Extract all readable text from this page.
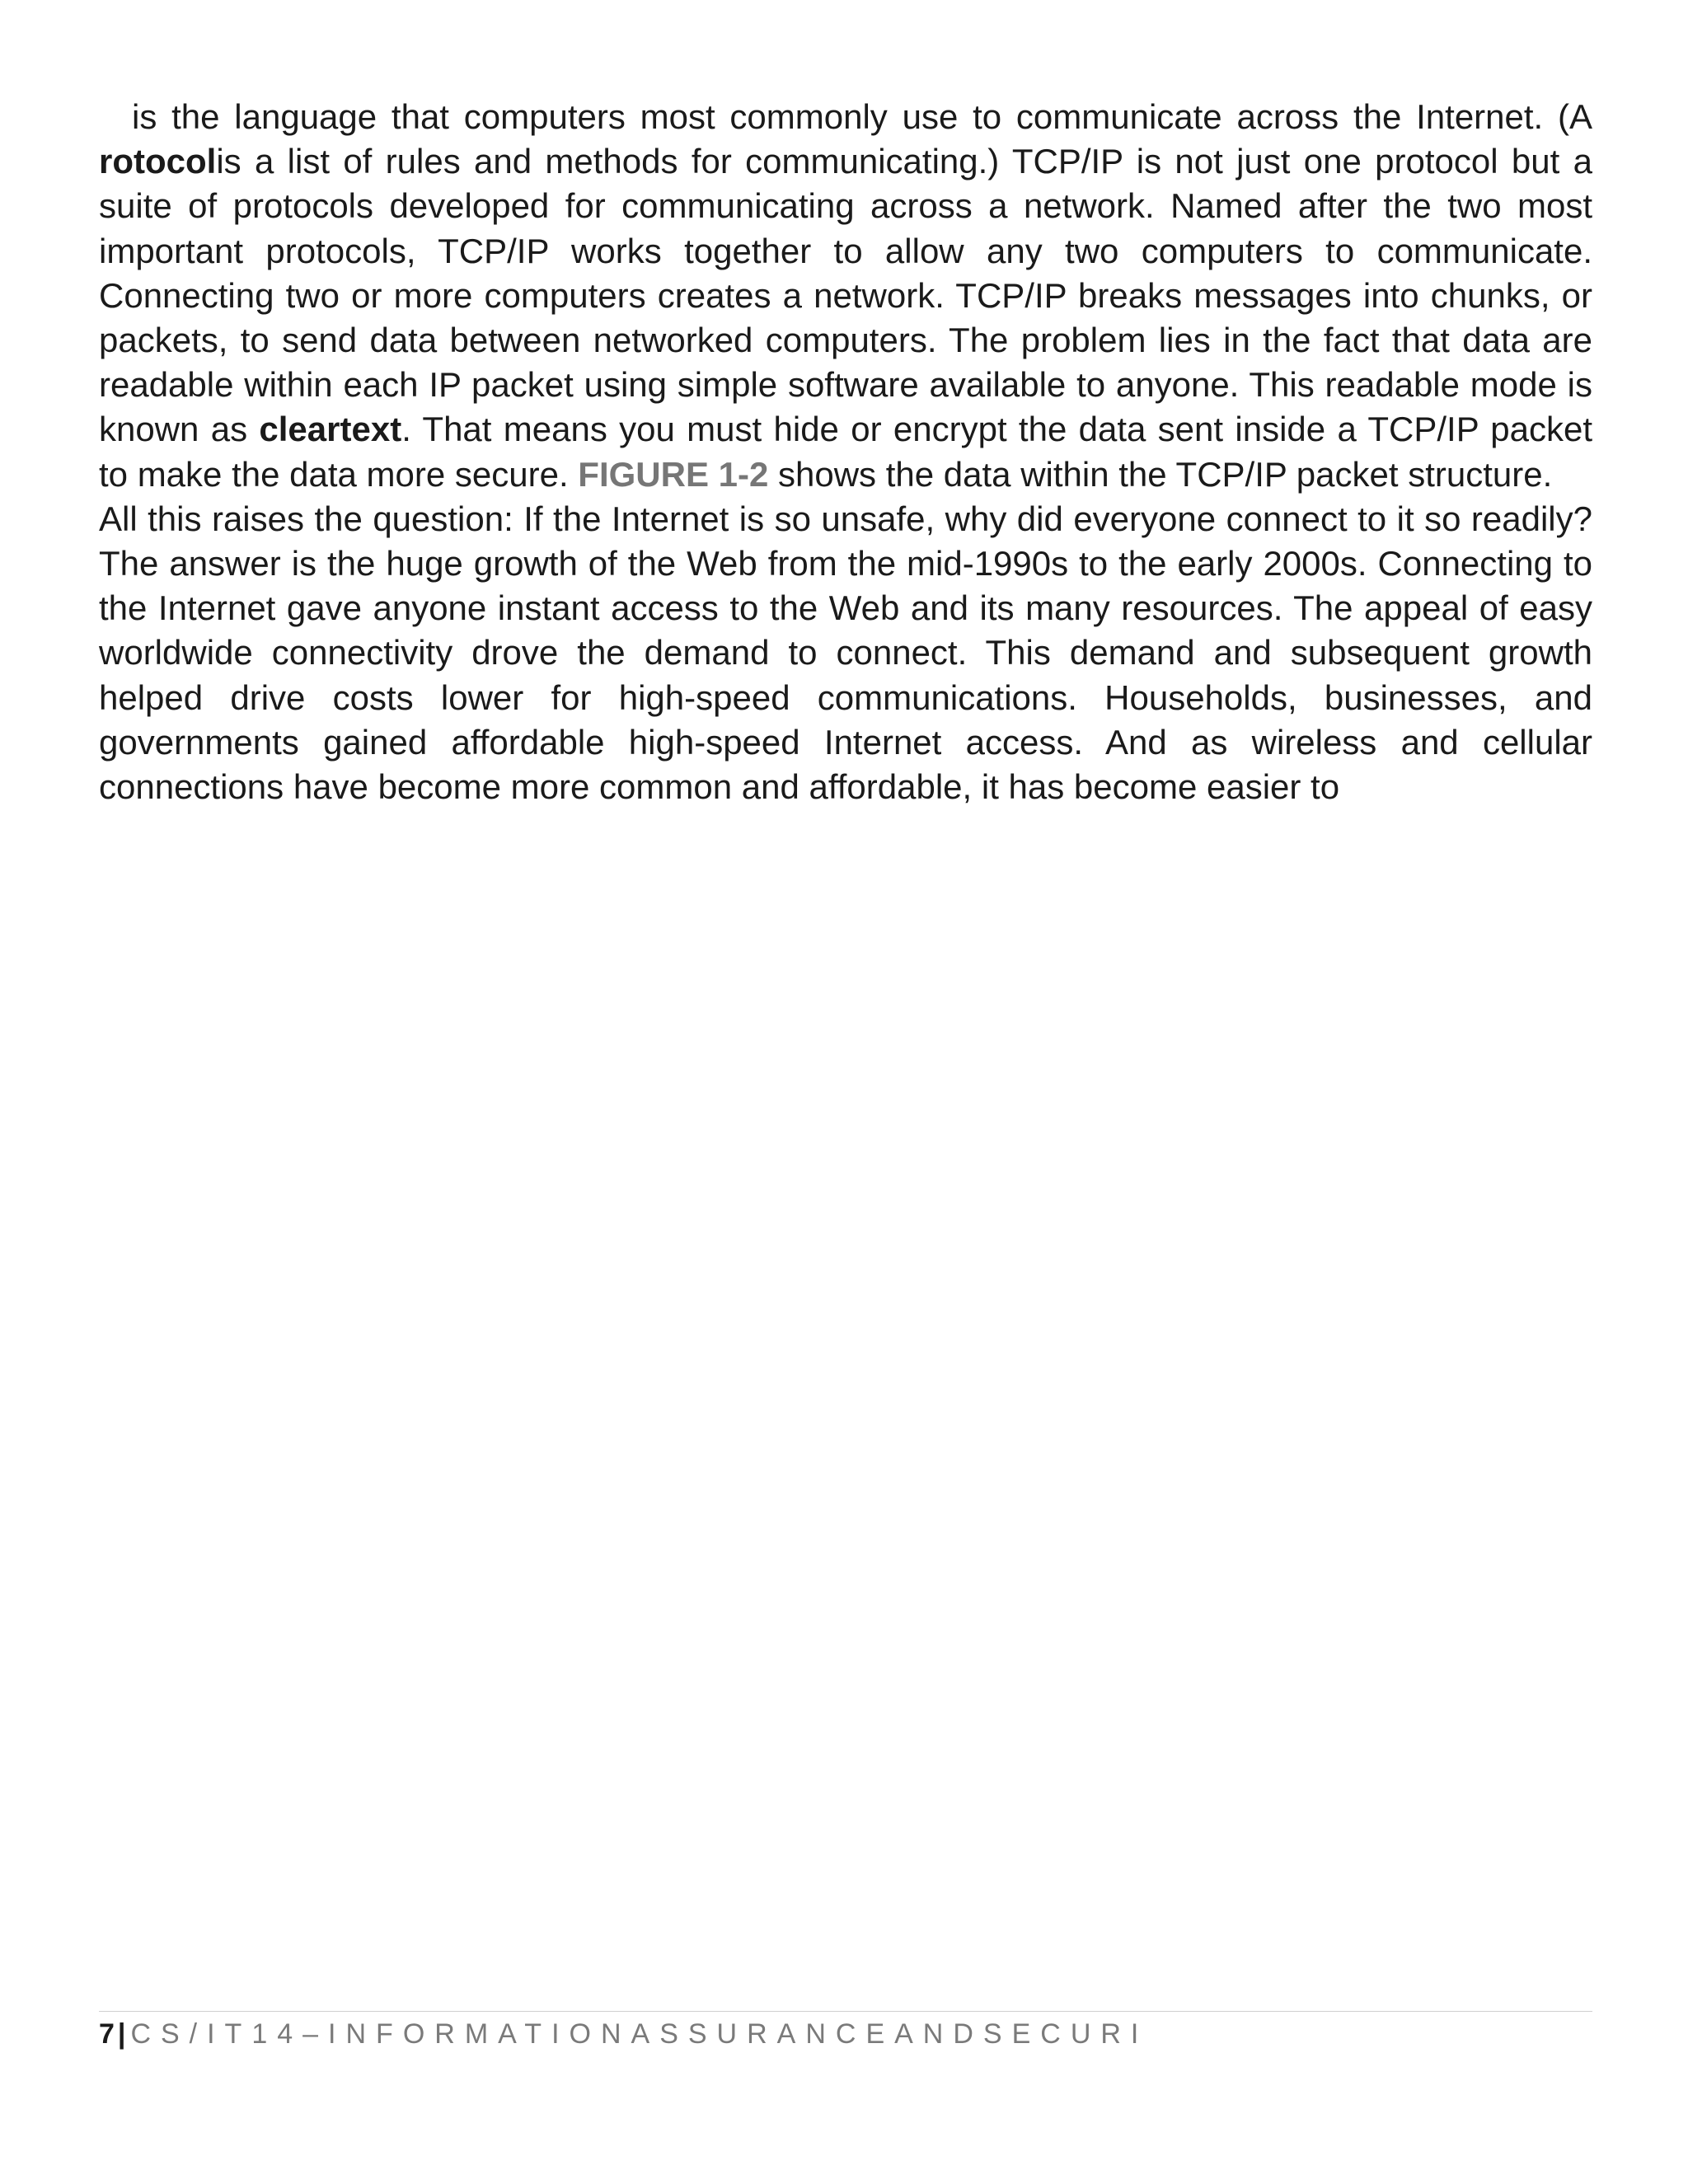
is the language that computers most commonly use to communicate across the Internet. (A rotocolis a list of rules and methods for communicating.) TCP/IP is not just one protocol but a suite of protocols developed for communicating across a network. Named after the two most important protocols, TCP/IP works together to allow any two computers to communicate. Connecting two or more computers creates a network. TCP/IP breaks messages into chunks, or packets, to send data between networked computers. The problem lies in the fact that data are readable within each IP packet using simple software available to anyone. This readable mode is known as cleartext. That means you must hide or encrypt the data sent inside a TCP/IP packet to make the data more secure. FIGURE 1-2 shows the data within the TCP/IP packet structure.

All this raises the question: If the Internet is so unsafe, why did everyone connect to it so readily? The answer is the huge growth of the Web from the mid-1990s to the early 2000s. Connecting to the Internet gave anyone instant access to the Web and its many resources. The appeal of easy worldwide connectivity drove the demand to connect. This demand and subsequent growth helped drive costs lower for high-speed communications. Households, businesses, and governments gained affordable high-speed Internet access. And as wireless and cellular connections have become more common and affordable, it has become easier to

7 | CS/IT14–INFORMATIONASSURANCEANDSECURI
